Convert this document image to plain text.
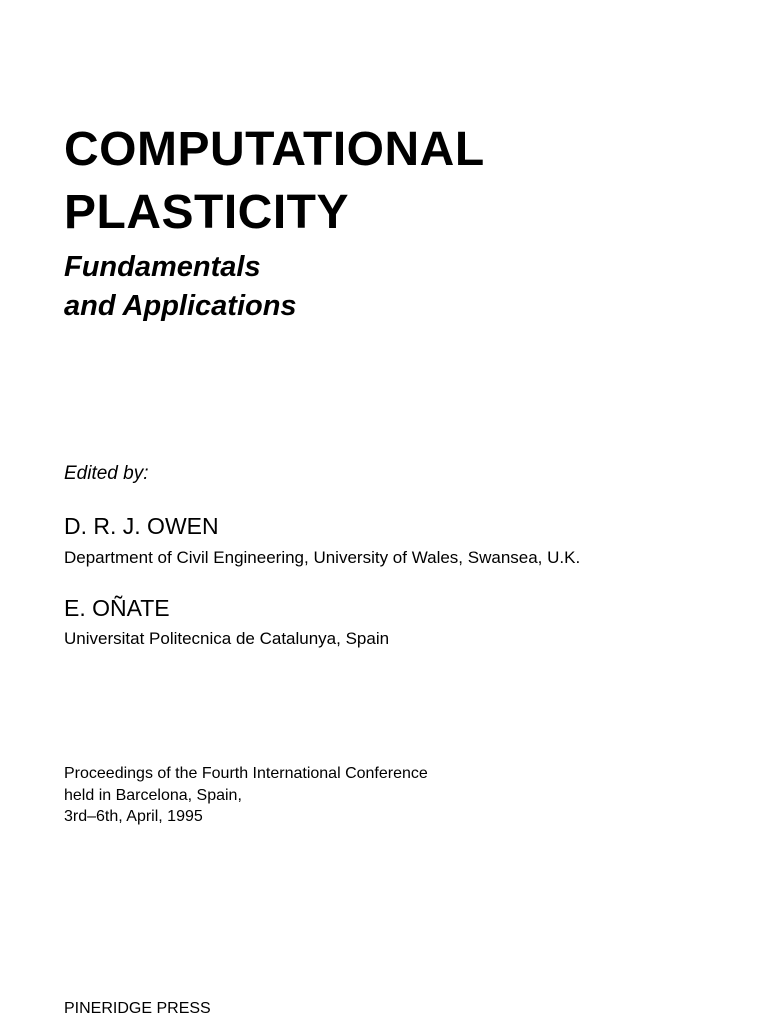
COMPUTATIONAL
PLASTICITY
Fundamentals
and Applications

Edited by:

D. R. J. OWEN

Department of Civil Engineering, University of Wales, Swansea, U.K.

E. OÑATE

Universitat Politecnica de Catalunya, Spain

Proceedings of the Fourth International Conference

held in Barcelona, Spain,

3rd–6th, April, 1995

PINERIDGE PRESS
